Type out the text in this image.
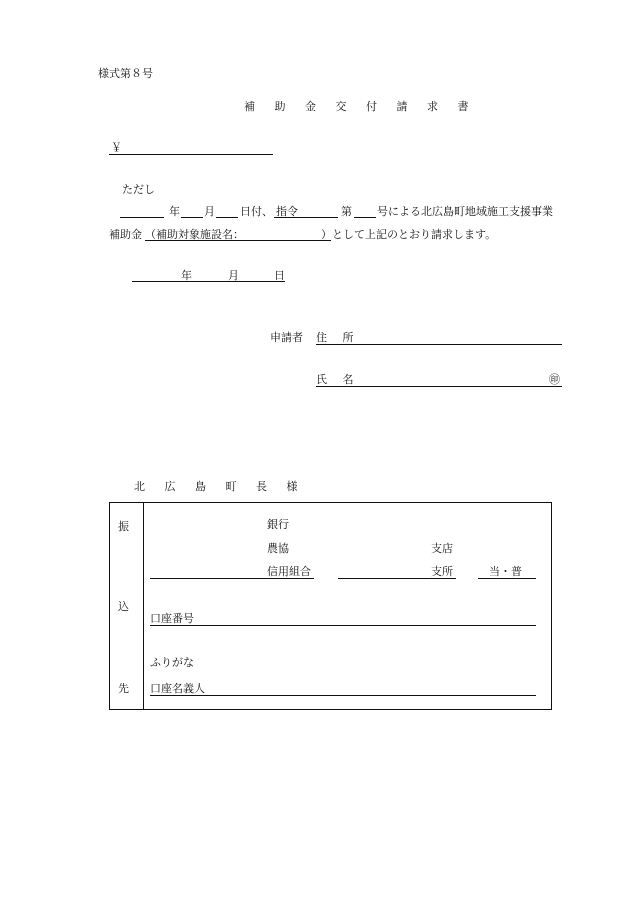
様式第８号
補 助 金 交 付 請 求 書
￥
ただし
年 月 日付、 指令	第 号による北広島町地域施工支援事業
補助金 （補助対象施設名：	） として上記のとおり請求します。
年	月	日
申請者 住 所
氏 名	㊞
北 広 島 町 長 様
振
込
先
銀行
農協	支店
信用組合	支所	当・普
口座番号
ふりがな
口座名義人
